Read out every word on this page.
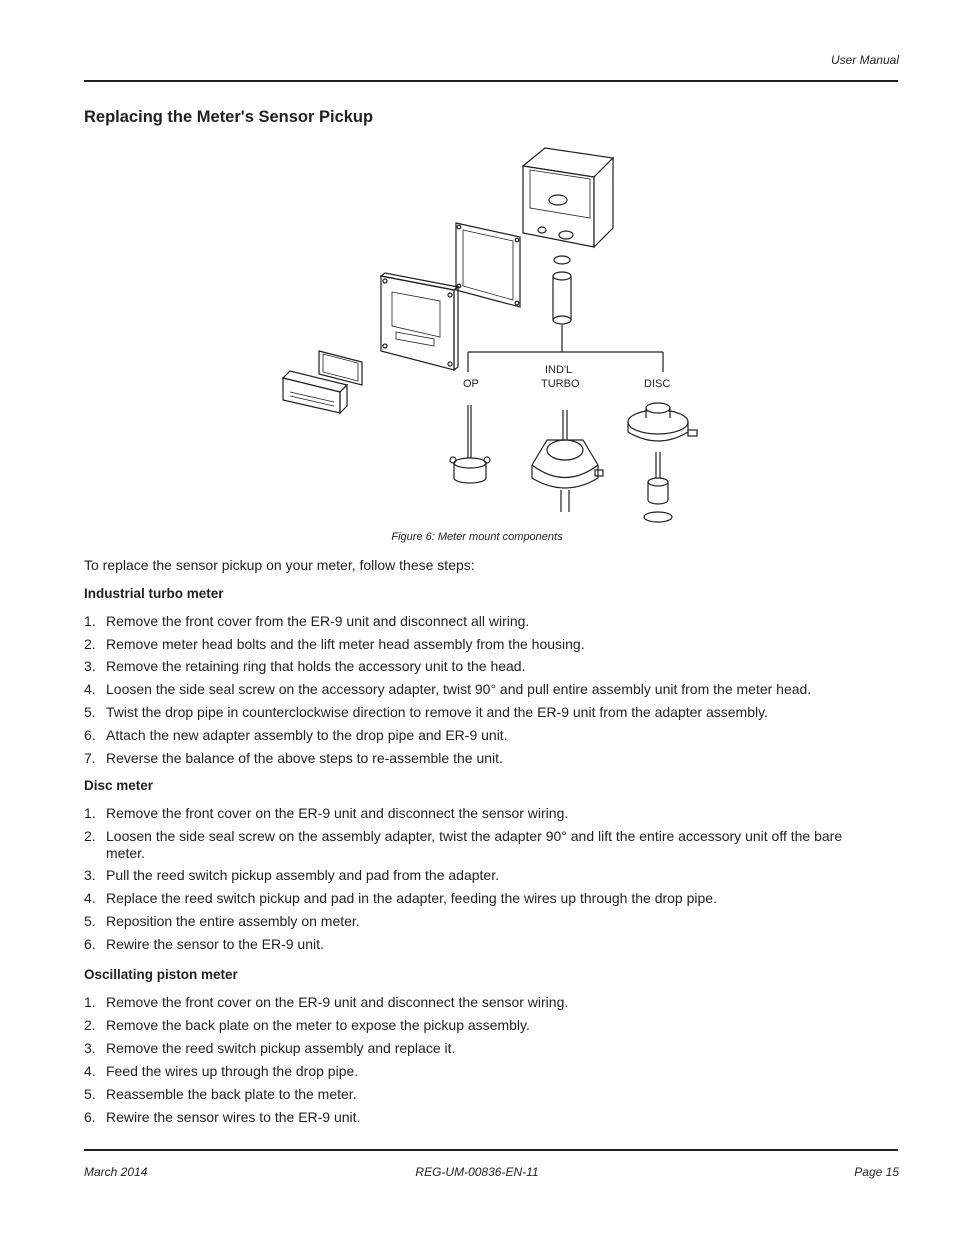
User Manual
Replacing the Meter's Sensor Pickup
OP
IND'L
TURBO	DISC
Figure 6: Meter mount components

To replace the sensor pickup on your meter, follow these steps:

Industrial turbo meter

1. Remove the front cover from the ER-9 unit and disconnect all wiring.
2. Remove meter head bolts and the lift meter head assembly from the housing.
3. Remove the retaining ring that holds the accessory unit to the head.
4. Loosen the side seal screw on the accessory adapter, twist 90° and pull entire assembly unit from the meter head.
5. Twist the drop pipe in counterclockwise direction to remove it and the ER-9 unit from the adapter assembly.
6. Attach the new adapter assembly to the drop pipe and ER-9 unit.
7. Reverse the balance of the above steps to re-assemble the unit.

Disc meter

1. Remove the front cover on the ER-9 unit and disconnect the sensor wiring.
2. Loosen the side seal screw on the assembly adapter, twist the adapter 90° and lift the entire accessory unit off the bare meter.
3. Pull the reed switch pickup assembly and pad from the adapter.
4. Replace the reed switch pickup and pad in the adapter, feeding the wires up through the drop pipe.
5. Reposition the entire assembly on meter.
6. Rewire the sensor to the ER-9 unit.

Oscillating piston meter

1. Remove the front cover on the ER-9 unit and disconnect the sensor wiring.
2. Remove the back plate on the meter to expose the pickup assembly.
3. Remove the reed switch pickup assembly and replace it.
4. Feed the wires up through the drop pipe.
5. Reassemble the back plate to the meter.
6. Rewire the sensor wires to the ER-9 unit.
March 2014	REG-UM-00836-EN-11	Page 15
